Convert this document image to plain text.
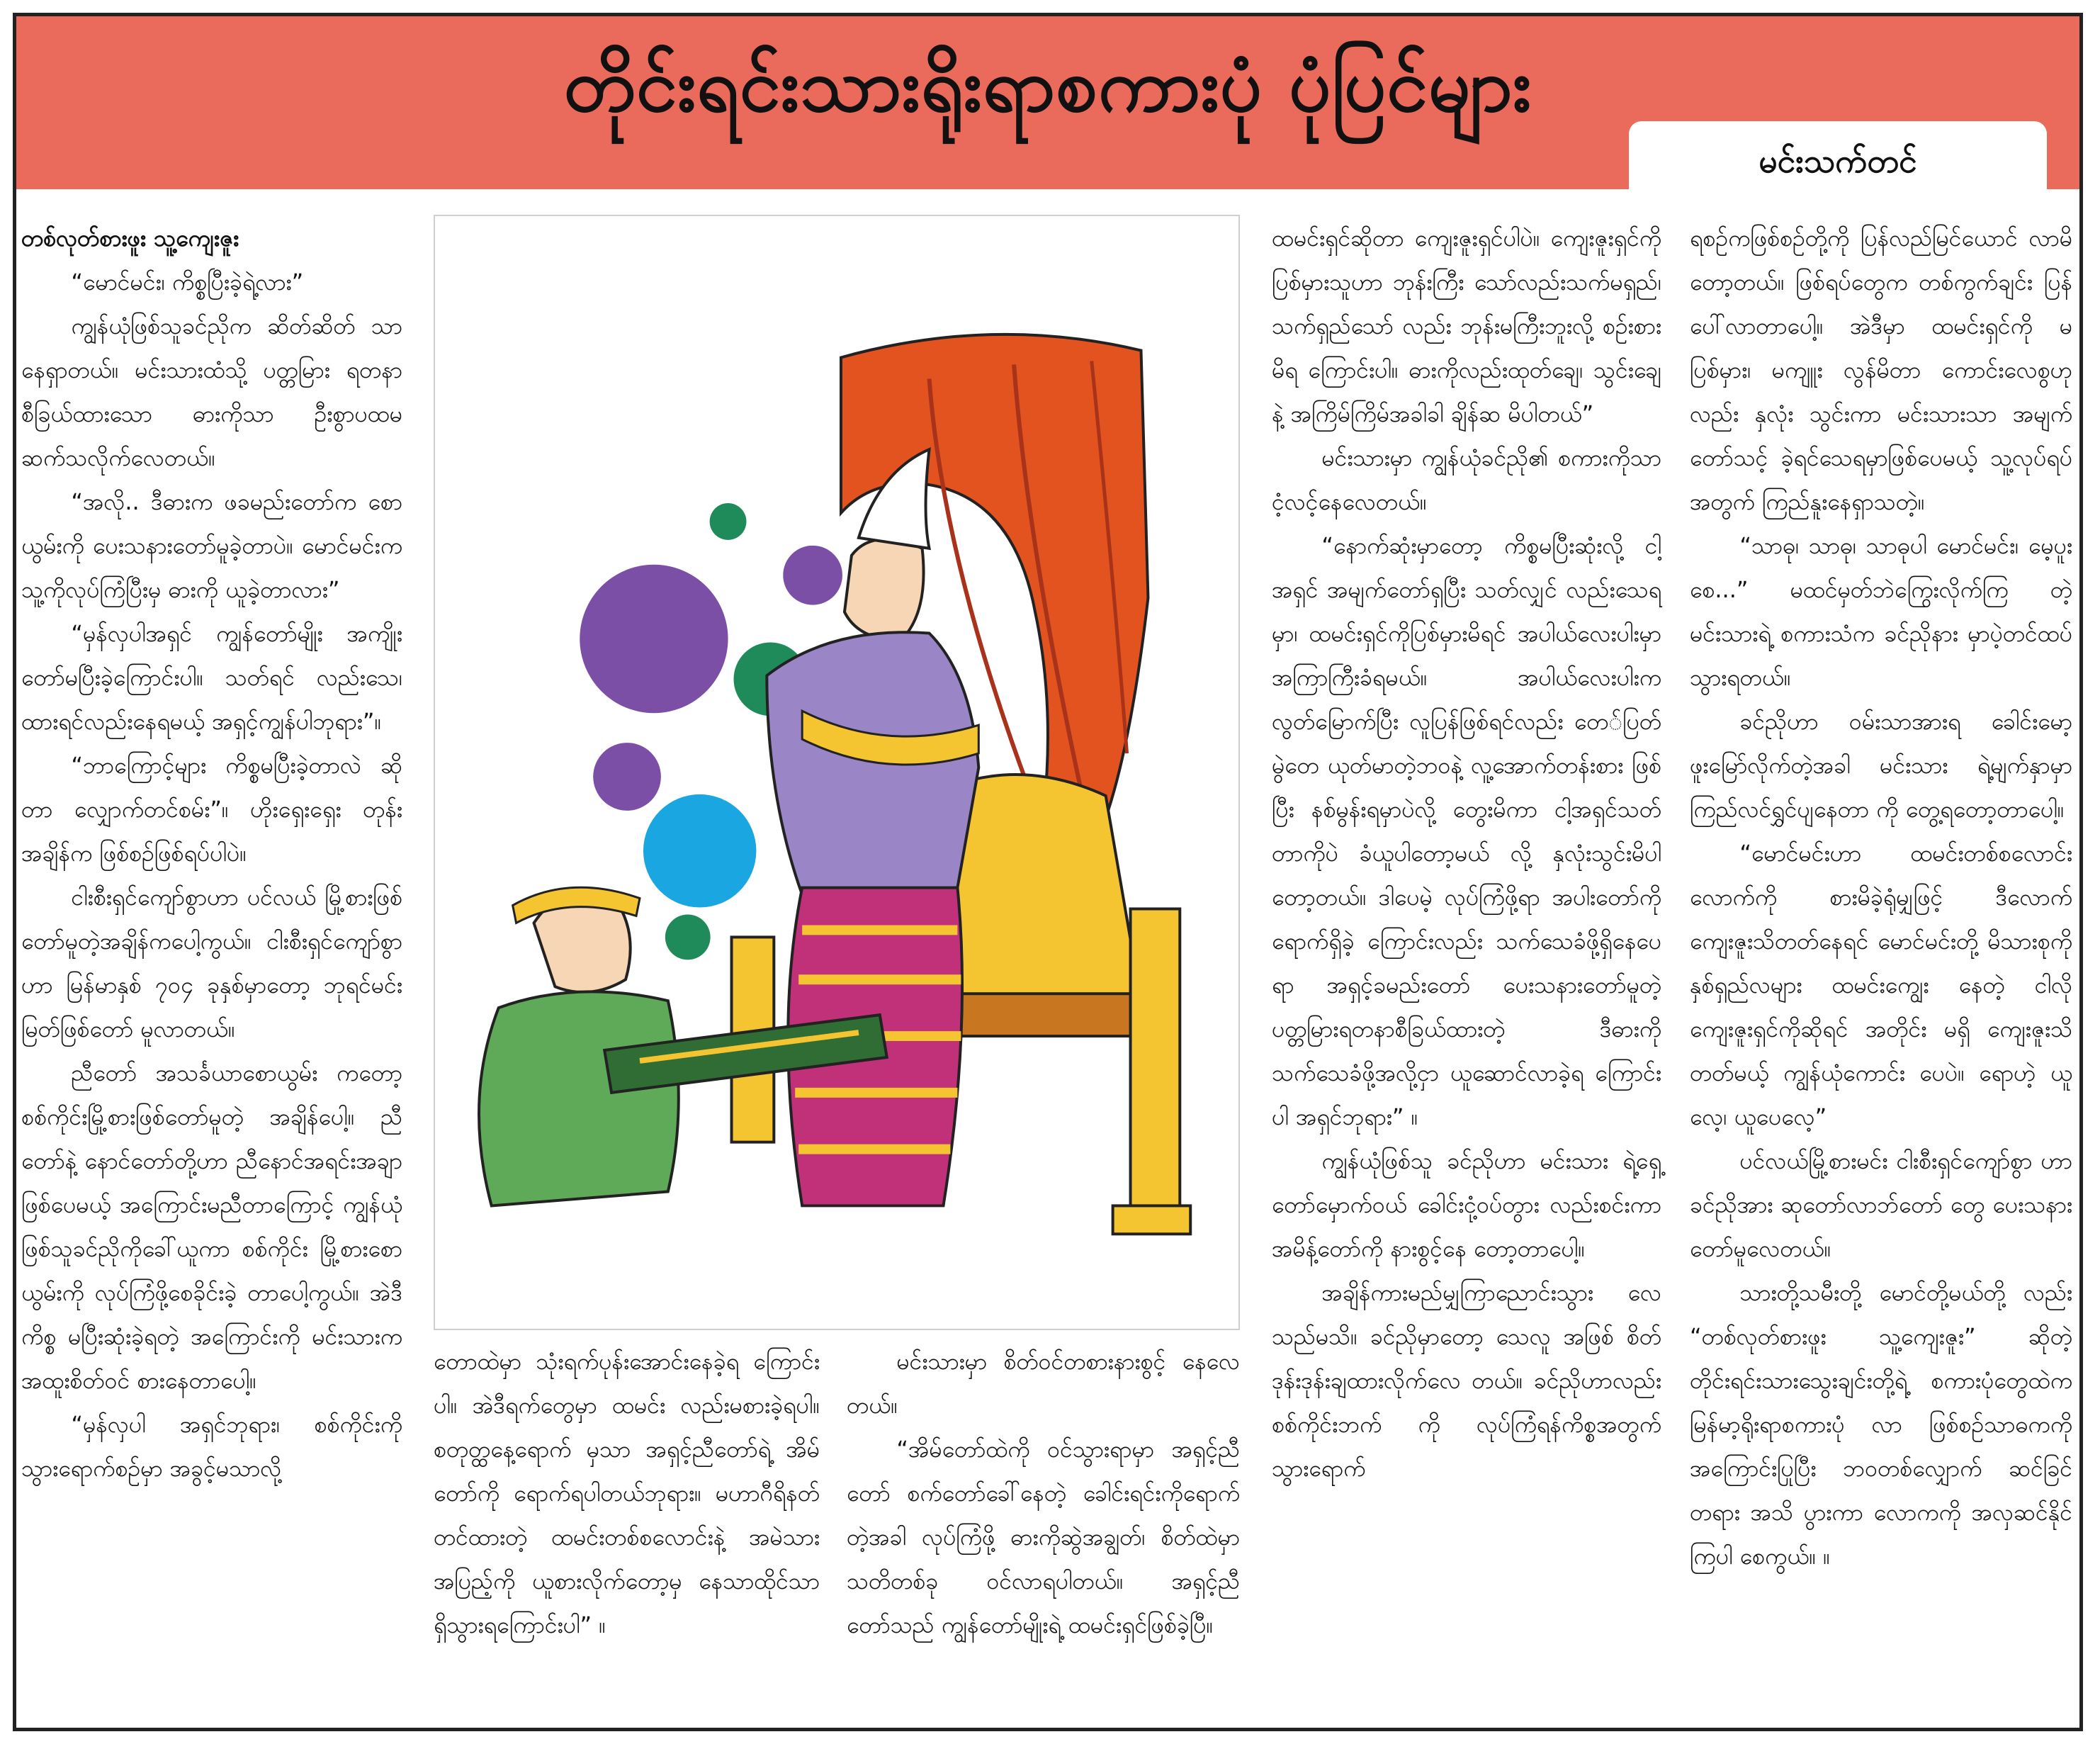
တိုင်းရင်းသားရိုးရာစကားပုံ ပုံပြင်များ
မင်းသက်တင်

တစ်လုတ်စားဖူး သူ့ကျေးဇူး

“မောင်မင်း၊ ကိစ္စပြီးခဲ့ရဲ့လား”

ကျွန်ယုံဖြစ်သူခင်ညိုက ဆိတ်ဆိတ် သာနေရှာတယ်။ မင်းသားထံသို့ ပတ္တမြား ရတနာစီခြယ်ထားသော ဓားကိုသာ ဦးစွာပထမ ဆက်သလိုက်လေတယ်။

“အလို.. ဒီဓားက ဖခမည်းတော်က စောယွမ်းကို ပေးသနားတော်မူခဲ့တာပဲ။ မောင်မင်းက သူ့ကိုလုပ်ကြံပြီးမှ ဓားကို ယူခဲ့တာလား”

“မှန်လှပါအရှင် ကျွန်တော်မျိုး အကျိုးတော်မပြီးခဲ့ကြောင်းပါ။ သတ်ရင် လည်းသေ၊ ထားရင်လည်းနေရမယ့် အရှင့်ကျွန်ပါဘုရား”။

“ဘာကြောင့်များ ကိစ္စမပြီးခဲ့တာလဲ ဆိုတာ လျှောက်တင်စမ်း”။ ဟိုးရှေးရှေး တုန်းအချိန်က ဖြစ်စဉ်ဖြစ်ရပ်ပါပဲ။

ငါးစီးရှင်ကျော်စွာဟာ ပင်လယ် မြို့စားဖြစ်တော်မူတဲ့အချိန်ကပေါ့ကွယ်။ ငါးစီးရှင်ကျော်စွာဟာ မြန်မာနှစ် ၇၀၄ ခုနှစ်မှာတော့ ဘုရင်မင်းမြတ်ဖြစ်တော် မူလာတယ်။

ညီတော် အသင်္ခယာစောယွမ်း ကတော့ စစ်ကိုင်းမြို့စားဖြစ်တော်မူတဲ့ အချိန်ပေါ့။ ညီတော်နဲ့ နောင်တော်တို့ဟာ ညီနောင်အရင်းအချာ ဖြစ်ပေမယ့် အကြောင်းမညီတာကြောင့် ကျွန်ယုံ ဖြစ်သူခင်ညိုကိုခေါ်ယူကာ စစ်ကိုင်း မြို့စားစောယွမ်းကို လုပ်ကြံဖို့စေခိုင်းခဲ့ တာပေါ့ကွယ်။ အဲဒီကိစ္စ မပြီးဆုံးခဲ့ရတဲ့ အကြောင်းကို မင်းသားက အထူးစိတ်ဝင် စားနေတာပေါ့။

“မှန်လှပါ အရှင်ဘုရား၊ စစ်ကိုင်းကို သွားရောက်စဉ်မှာ အခွင့်မသာလို့

တောထဲမှာ သုံးရက်ပုန်းအောင်းနေခဲ့ရ ကြောင်းပါ။ အဲဒီရက်တွေမှာ ထမင်း လည်းမစားခဲ့ရပါ။ စတုတ္ထနေ့ရောက် မှသာ အရှင့်ညီတော်ရဲ့ အိမ်တော်ကို ရောက်ရပါတယ်ဘုရား။ မဟာဂီရိနတ် တင်ထားတဲ့ ထမင်းတစ်စလောင်းနဲ့ အမဲသားအပြည့်ကို ယူစားလိုက်တော့မှ နေသာထိုင်သာ ရှိသွားရကြောင်းပါ” ။

မင်းသားမှာ စိတ်ဝင်တစားနားစွင့် နေလေတယ်။

“အိမ်တော်ထဲကို ဝင်သွားရာမှာ အရှင့်ညီတော် စက်တော်ခေါ်နေတဲ့ ခေါင်းရင်းကိုရောက်တဲ့အခါ လုပ်ကြံဖို့ ဓားကိုဆွဲအချွတ်၊ စိတ်ထဲမှာ သတိတစ်ခု ဝင်လာရပါတယ်။ အရှင့်ညီတော်သည် ကျွန်တော်မျိုးရဲ့ ထမင်းရှင်ဖြစ်ခဲ့ပြီ။

ထမင်းရှင်ဆိုတာ ကျေးဇူးရှင်ပါပဲ။ ကျေးဇူးရှင်ကိုပြစ်မှားသူဟာ ဘုန်းကြီး သော်လည်းသက်မရှည်၊ သက်ရှည်သော် လည်း ဘုန်းမကြီးဘူးလို့ စဉ်းစားမိရ ကြောင်းပါ။ ဓားကိုလည်းထုတ်ချေ၊ သွင်းချေနဲ့ အကြိမ်ကြိမ်အခါခါ ချိန်ဆ မိပါတယ်”

မင်းသားမှာ ကျွန်ယုံခင်ညို၏ စကားကိုသာ ငံ့လင့်နေလေတယ်။

“နောက်ဆုံးမှာတော့ ကိစ္စမပြီးဆုံးလို့ ငါ့အရှင် အမျက်တော်ရှပြီး သတ်လျှင် လည်းသေရမှာ၊ ထမင်းရှင်ကိုပြစ်မှားမိရင် အပါယ်လေးပါးမှာ အကြာကြီးခံရမယ်။ အပါယ်လေးပါးက လွတ်မြောက်ပြီး လူပြန်ဖြစ်ရင်လည်း တေ်ပြတ်မွဲတေ ယုတ်မာတဲ့ဘဝနဲ့ လူ့အောက်တန်းစား ဖြစ်ပြီး နစ်မွန်းရမှာပဲလို့ တွေးမိကာ ငါ့အရှင်သတ်တာကိုပဲ ခံယူပါတော့မယ် လို့ နှလုံးသွင်းမိပါတော့တယ်။ ဒါပေမဲ့ လုပ်ကြံဖို့ရာ အပါးတော်ကို ရောက်ရှိခဲ့ ကြောင်းလည်း သက်သေခံဖို့ရှိနေပေရာ အရှင့်ခမည်းတော် ပေးသနားတော်မူတဲ့ ပတ္တမြားရတနာစီခြယ်ထားတဲ့ ဒီဓားကို သက်သေခံဖို့အလို့ငှာ ယူဆောင်လာခဲ့ရ ကြောင်းပါ အရှင်ဘုရား” ။

ကျွန်ယုံဖြစ်သူ ခင်ညိုဟာ မင်းသား ရဲ့ရှေ့တော်မှောက်ဝယ် ခေါင်းငုံ့ဝပ်တွား လည်းစင်းကာ အမိန့်တော်ကို နားစွင့်နေ တော့တာပေါ့။

အချိန်ကားမည်မျှကြာညောင်းသွား လေသည်မသိ။ ခင်ညိုမှာတော့ သေလူ အဖြစ် စိတ်ဒုန်းဒုန်းချထားလိုက်လေ တယ်။ ခင်ညိုဟာလည်း စစ်ကိုင်းဘက် ကို လုပ်ကြံရန်ကိစ္စအတွက် သွားရောက်

ရစဉ်ကဖြစ်စဉ်တို့ကို ပြန်လည်မြင်ယောင် လာမိတော့တယ်။ ဖြစ်ရပ်တွေက တစ်ကွက်ချင်း ပြန်ပေါ်လာတာပေါ့။ အဲဒီမှာ ထမင်းရှင်ကို မပြစ်မှား၊ မကျူး လွန်မိတာ ကောင်းလေစွဟုလည်း နှလုံး သွင်းကာ မင်းသားသာ အမျက်တော်သင့် ခဲ့ရင်သေရမှာဖြစ်ပေမယ့် သူ့လုပ်ရပ် အတွက် ကြည်နူးနေရှာသတဲ့။

“သာဓု၊ သာဓု၊ သာဓုပါ မောင်မင်း၊ မေ့ပူးစေ...” မထင်မှတ်ဘဲကြွေးလိုက်ကြ တဲ့ မင်းသားရဲ့ စကားသံက ခင်ညိုနား မှာပဲ့တင်ထပ်သွားရတယ်။

ခင်ညိုဟာ ဝမ်းသာအားရ ခေါင်းမော့ဖူးမြော်လိုက်တဲ့အခါ မင်းသား ရဲ့မျက်နှာမှာ ကြည်လင်ရွှင်ပျနေတာ ကို တွေ့ရတော့တာပေါ့။

“မောင်မင်းဟာ ထမင်းတစ်စလောင်း လောက်ကို စားမိခဲ့ရုံမျှဖြင့် ဒီလောက် ကျေးဇူးသိတတ်နေရင် မောင်မင်းတို့ မိသားစုကို နှစ်ရှည်လများ ထမင်းကျွေး နေတဲ့ ငါလိုကျေးဇူးရှင်ကိုဆိုရင် အတိုင်း မရှိ ကျေးဇူးသိတတ်မယ့် ကျွန်ယုံကောင်း ပေပဲ။ ရောဟဲ့ ယူလေ့၊ ယူပေလေ့”

ပင်လယ်မြို့စားမင်း ငါးစီးရှင်ကျော်စွာ ဟာ ခင်ညိုအား ဆုတော်လာဘ်တော် တွေ ပေးသနားတော်မူလေတယ်။

သားတို့သမီးတို့ မောင်တို့မယ်တို့ လည်း “တစ်လုတ်စားဖူး သူ့ကျေးဇူး” ဆိုတဲ့ တိုင်းရင်းသားသွေးချင်းတို့ရဲ့ စကားပုံတွေထဲက မြန်မာ့ရိုးရာစကားပုံ လာ ဖြစ်စဉ်သာဓကကို အကြောင်းပြုပြီး ဘဝတစ်လျှောက် ဆင်ခြင်တရား အသိ ပွားကာ လောကကို အလှဆင်နိုင်ကြပါ စေကွယ်။ ။
